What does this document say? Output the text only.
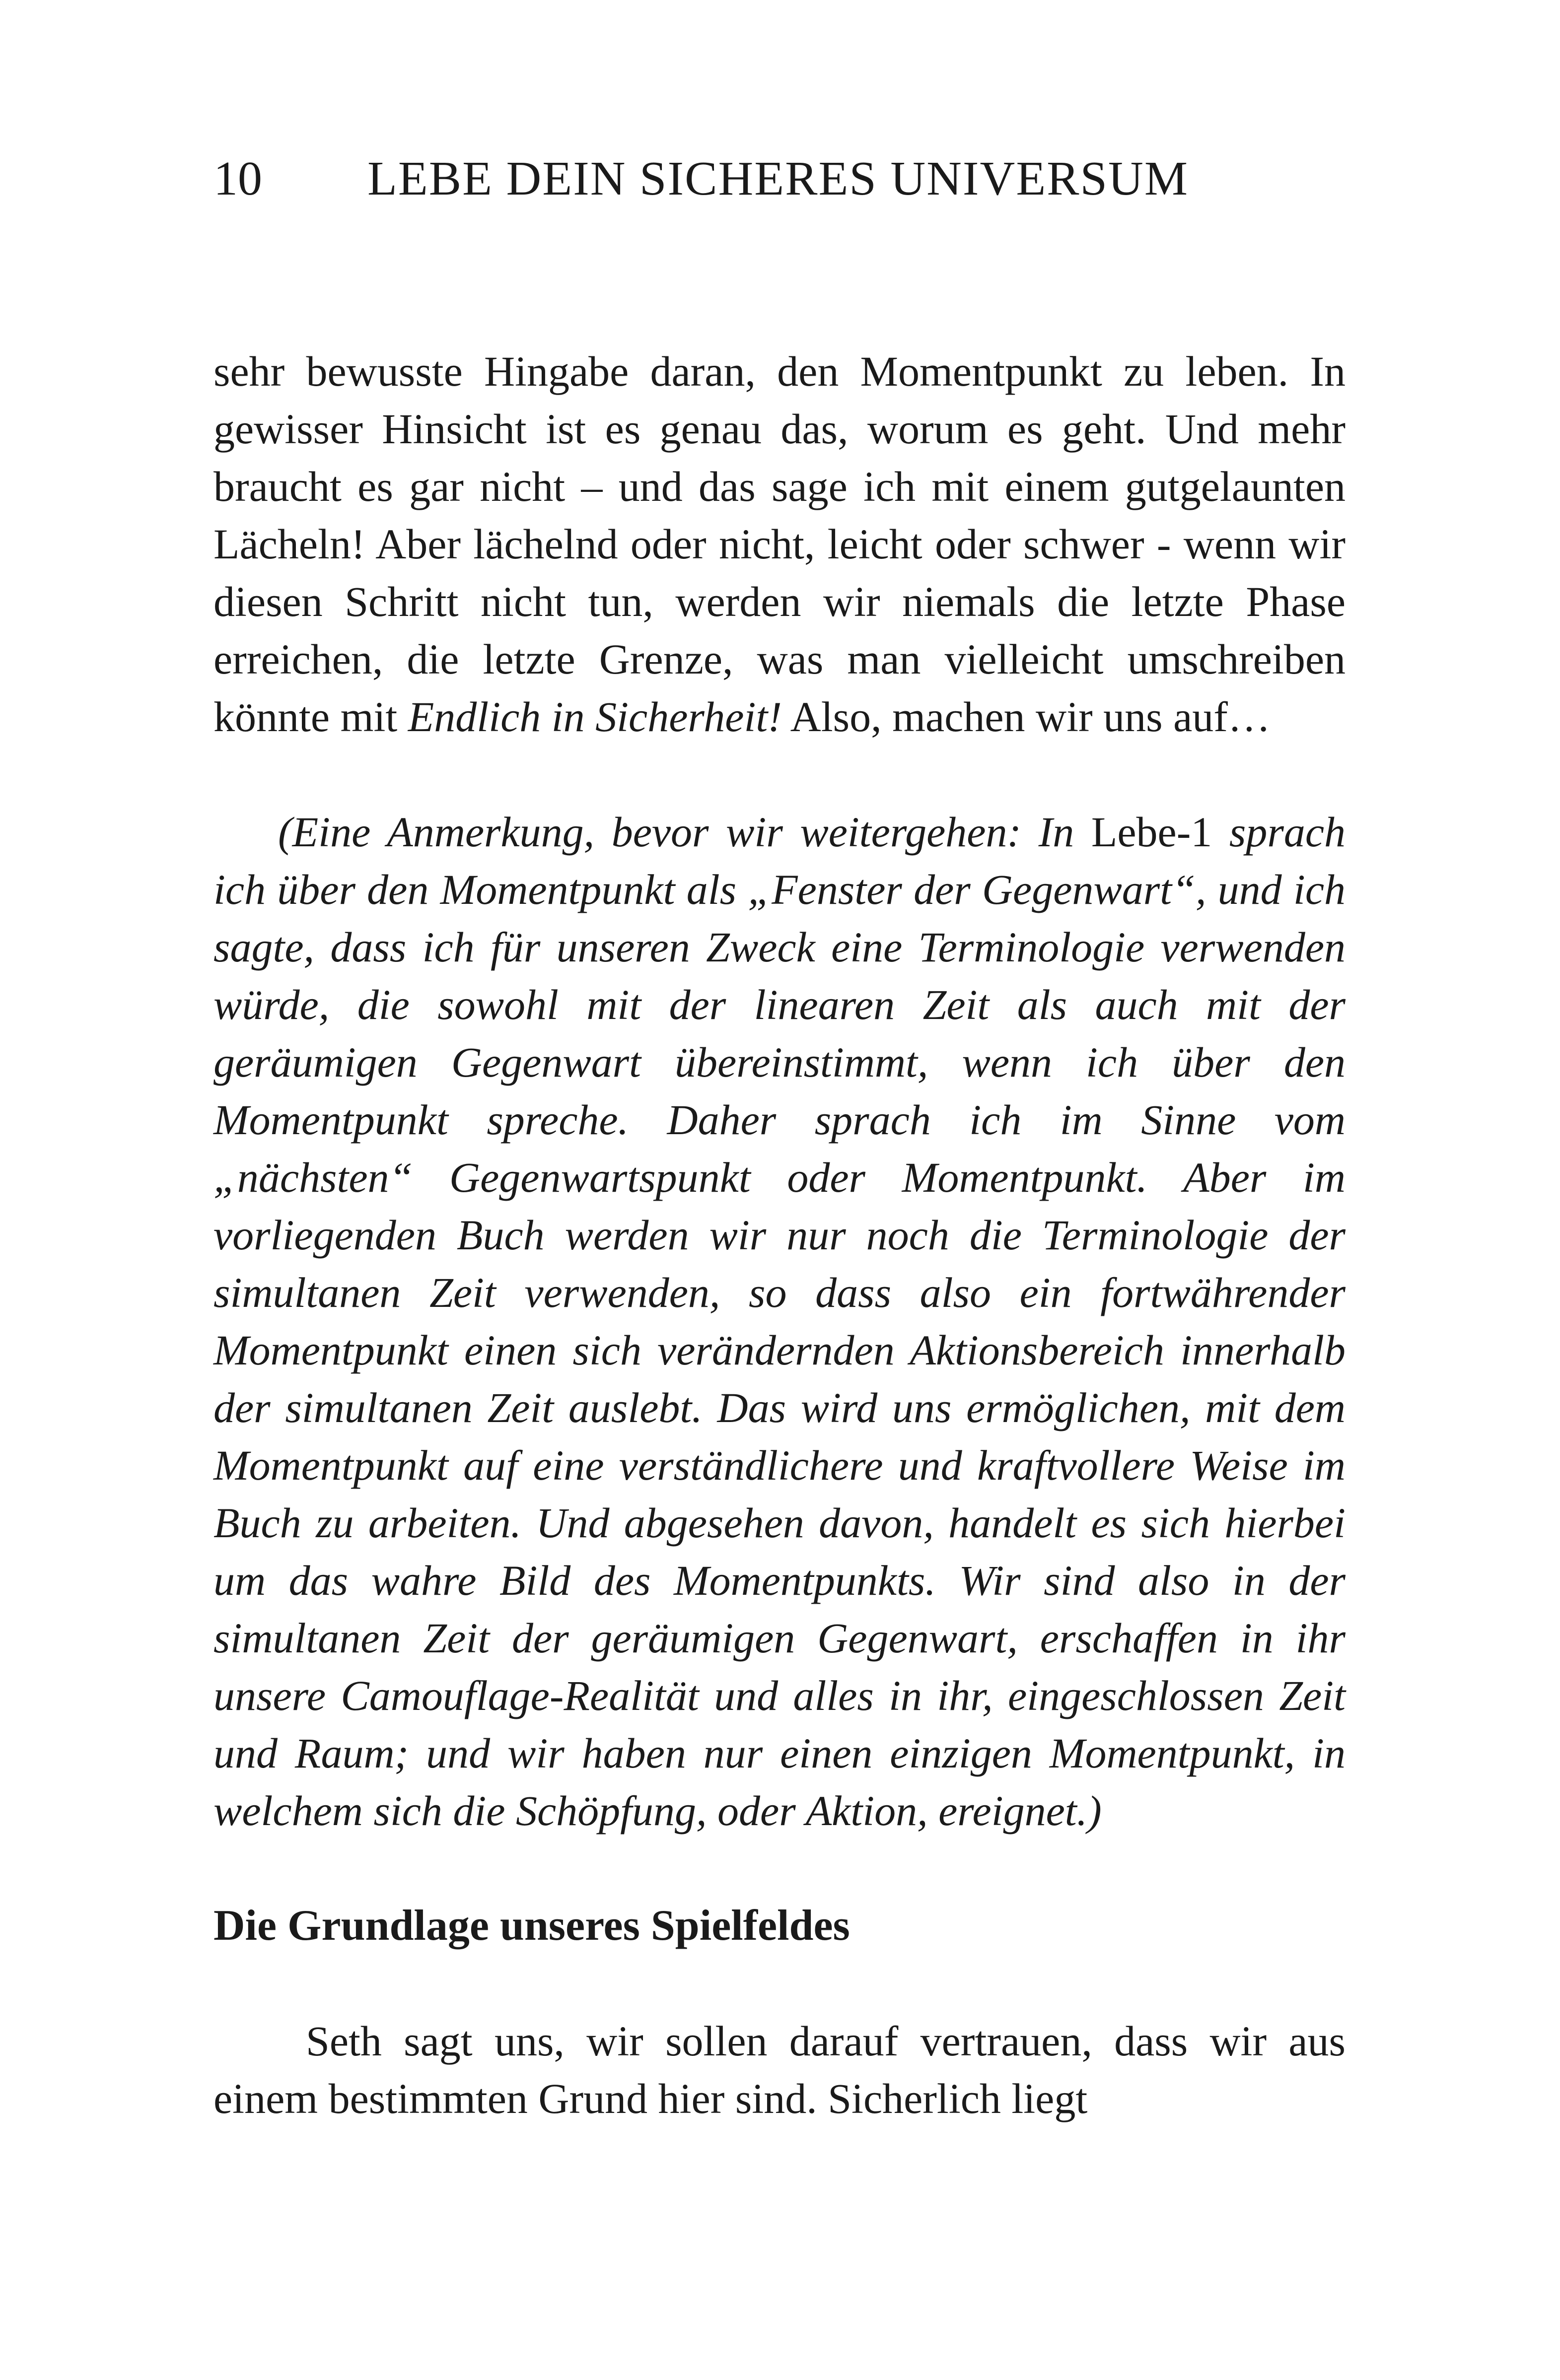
10 LEBE DEIN SICHERES UNIVERSUM

sehr bewusste Hingabe daran, den Momentpunkt zu leben. In gewisser Hinsicht ist es genau das, worum es geht. Und mehr braucht es gar nicht – und das sage ich mit einem gutgelaunten Lächeln! Aber lächelnd oder nicht, leicht oder schwer - wenn wir diesen Schritt nicht tun, werden wir niemals die letzte Phase erreichen, die letzte Grenze, was man vielleicht umschreiben könnte mit Endlich in Sicherheit! Also, machen wir uns auf…

(Eine Anmerkung, bevor wir weitergehen: In Lebe-1 sprach ich über den Momentpunkt als „Fenster der Gegenwart“, und ich sagte, dass ich für unseren Zweck eine Terminologie verwenden würde, die sowohl mit der linearen Zeit als auch mit der geräumigen Gegenwart übereinstimmt, wenn ich über den Momentpunkt spreche. Daher sprach ich im Sinne vom „nächsten“ Gegenwartspunkt oder Momentpunkt. Aber im vorliegenden Buch werden wir nur noch die Terminologie der simultanen Zeit verwenden, so dass also ein fortwährender Momentpunkt einen sich verändernden Aktionsbereich innerhalb der simultanen Zeit auslebt. Das wird uns ermöglichen, mit dem Momentpunkt auf eine verständlichere und kraftvollere Weise im Buch zu arbeiten. Und abgesehen davon, handelt es sich hierbei um das wahre Bild des Momentpunkts. Wir sind also in der simultanen Zeit der geräumigen Gegenwart, erschaffen in ihr unsere Camouflage-Realität und alles in ihr, eingeschlossen Zeit und Raum; und wir haben nur einen einzigen Momentpunkt, in welchem sich die Schöpfung, oder Aktion, ereignet.)

Die Grundlage unseres Spielfeldes

Seth sagt uns, wir sollen darauf vertrauen, dass wir aus einem bestimmten Grund hier sind. Sicherlich liegt
